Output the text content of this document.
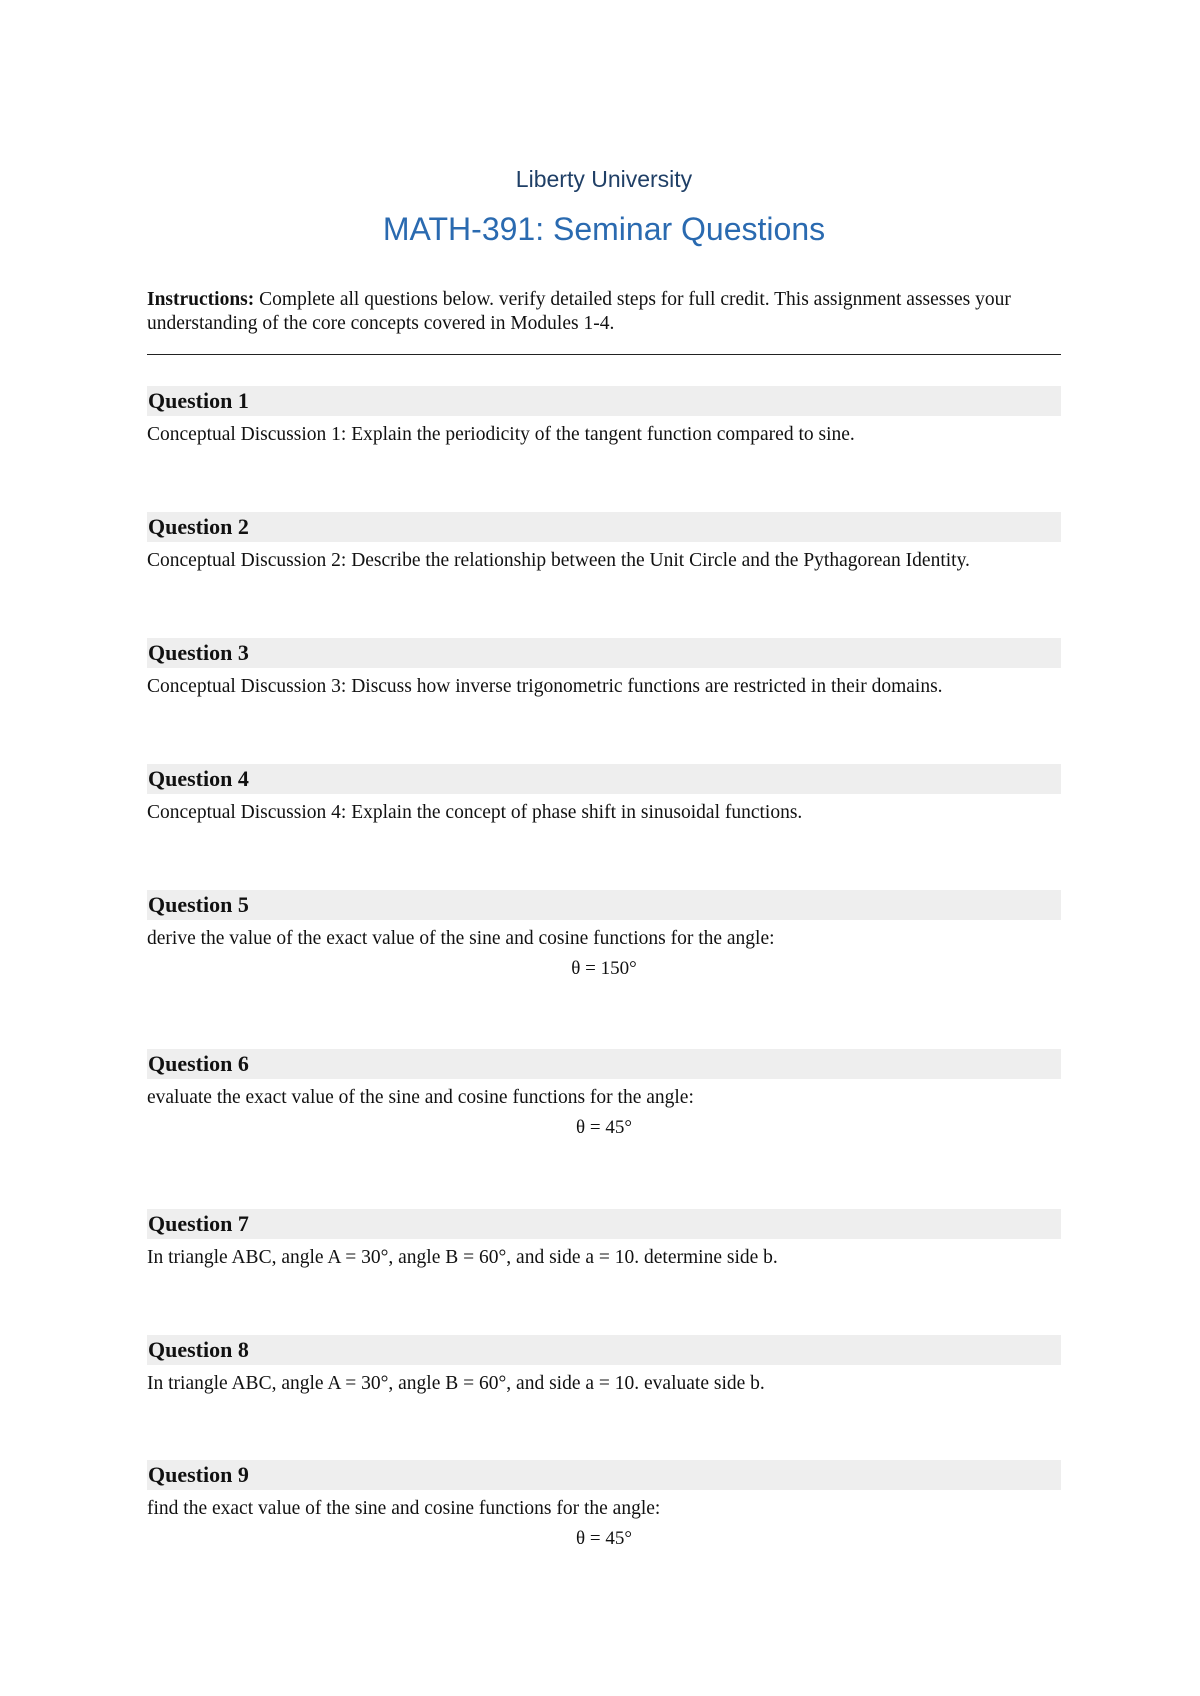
Liberty University
MATH-391: Seminar Questions
Instructions: Complete all questions below. verify detailed steps for full credit. This assignment assesses your understanding of the core concepts covered in Modules 1-4.
Question 1
Conceptual Discussion 1: Explain the periodicity of the tangent function compared to sine.
Question 2
Conceptual Discussion 2: Describe the relationship between the Unit Circle and the Pythagorean Identity.
Question 3
Conceptual Discussion 3: Discuss how inverse trigonometric functions are restricted in their domains.
Question 4
Conceptual Discussion 4: Explain the concept of phase shift in sinusoidal functions.
Question 5
derive the value of the exact value of the sine and cosine functions for the angle:
θ = 150°
Question 6
evaluate the exact value of the sine and cosine functions for the angle:
θ = 45°
Question 7
In triangle ABC, angle A = 30°, angle B = 60°, and side a = 10. determine side b.
Question 8
In triangle ABC, angle A = 30°, angle B = 60°, and side a = 10. evaluate side b.
Question 9
find the exact value of the sine and cosine functions for the angle:
θ = 45°
